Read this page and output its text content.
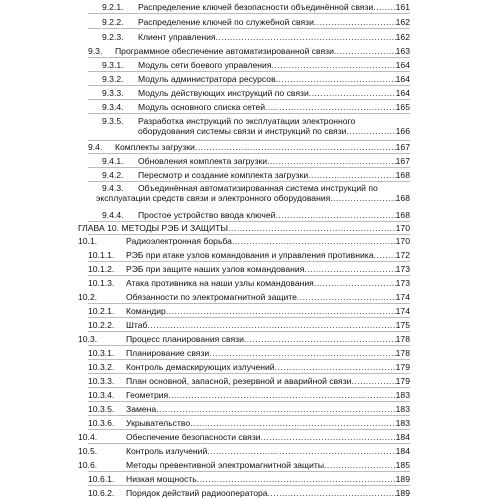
9.2.1. Распределение ключей безопасности объединённой связи .....	161
9.2.2. Распределение ключей по служебной связи .....	162
9.2.3. Клиент управления .....	162
9.3. Программное обеспечение автоматизированной связи .....	163
9.3.1. Модуль сети боевого управления .....	164
9.3.2. Модуль администратора ресурсов .....	164
9.3.3. Модуль действующих инструкций по связи .....	164
9.3.4. Модуль основного списка сетей .....	165
9.3.5. Разработка инструкций по эксплуатации электронного
оборудования системы связи и инструкций по связи .....	166
9.4. Комплекты загрузки .....	167
9.4.1. Обновления комплекта загрузки .....	167
9.4.2. Пересмотр и создание комплекта загрузки .....	168
9.4.3. Объединённая автоматизированная система инструкций по
эксплуатации средств связи и электронного оборудования .....	168
9.4.4. Простое устройство ввода ключей .....	168
ГЛАВА 10. МЕТОДЫ РЭБ И ЗАЩИТЫ .....	170
10.1.	Радиоэлектронная борьба .....	170
10.1.1. РЭБ при атаке узлов командования и управления противника .....	172
10.1.2. РЭБ при защите наших узлов командования .....	173
10.1.3. Атака противника на наши узлы командования .....	173
10.2.	Обязанности по электромагнитной защите .....	174
10.2.1. Командир .....	174
10.2.2. Штаб .....	175
10.3.	Процесс планирования связи .....	178
10.3.1. Планирование связи .....	178
10.3.2. Контроль демаскирующих излучений .....	179
10.3.3. План основной, запасной, резервной и аварийной связи .....	179
10.3.4. Геометрия .....	183
10.3.5. Замена .....	183
10.3.6. Укрывательство .....	183
10.4.	Обеспечение безопасности связи .....	184
10.5.	Контроль излучений .....	184
10.6.	Методы превентивной электромагнитной защиты .....	185
10.6.1. Низкая мощность .....	189
10.6.2. Порядок действий радиооператора .....	189
